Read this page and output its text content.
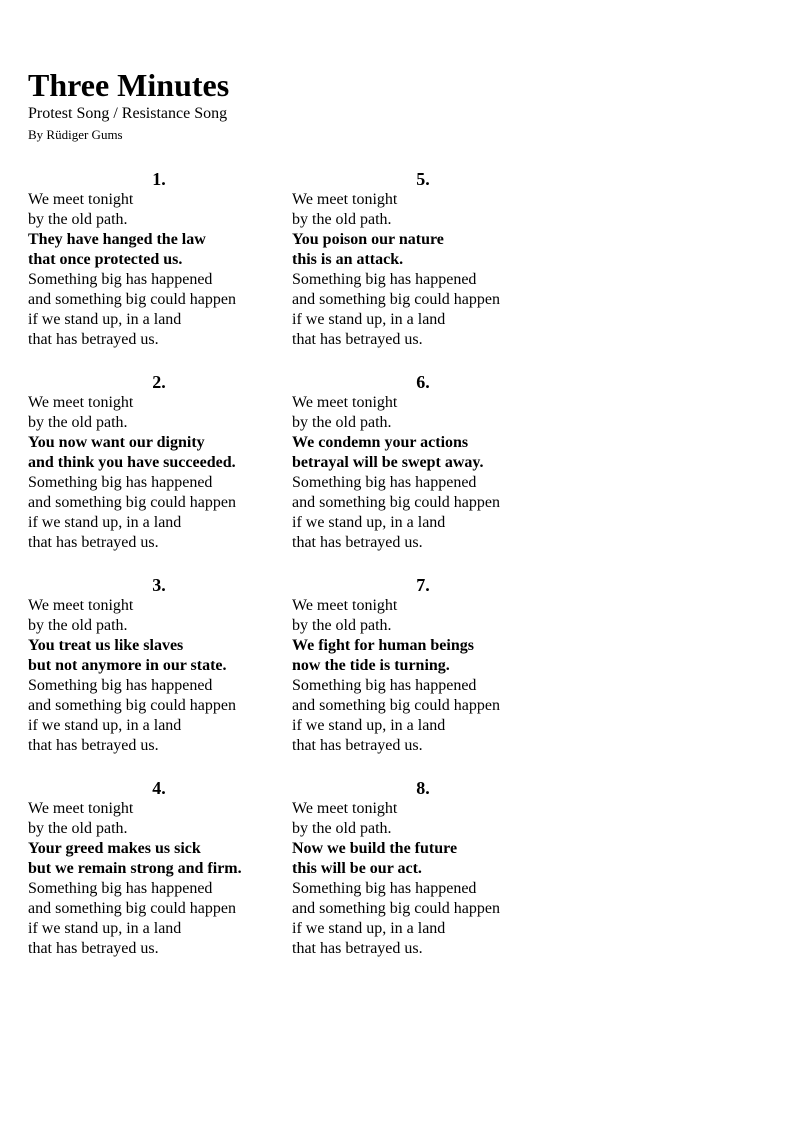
Three Minutes
Protest Song / Resistance Song
By Rüdiger Gums
1.
We meet tonight
by the old path.
They have hanged the law
that once protected us.
Something big has happened
and something big could happen
if we stand up, in a land
that has betrayed us.
2.
We meet tonight
by the old path.
You now want our dignity
and think you have succeeded.
Something big has happened
and something big could happen
if we stand up, in a land
that has betrayed us.
3.
We meet tonight
by the old path.
You treat us like slaves
but not anymore in our state.
Something big has happened
and something big could happen
if we stand up, in a land
that has betrayed us.
4.
We meet tonight
by the old path.
Your greed makes us sick
but we remain strong and firm.
Something big has happened
and something big could happen
if we stand up, in a land
that has betrayed us.
5.
We meet tonight
by the old path.
You poison our nature
this is an attack.
Something big has happened
and something big could happen
if we stand up, in a land
that has betrayed us.
6.
We meet tonight
by the old path.
We condemn your actions
betrayal will be swept away.
Something big has happened
and something big could happen
if we stand up, in a land
that has betrayed us.
7.
We meet tonight
by the old path.
We fight for human beings
now the tide is turning.
Something big has happened
and something big could happen
if we stand up, in a land
that has betrayed us.
8.
We meet tonight
by the old path.
Now we build the future
this will be our act.
Something big has happened
and something big could happen
if we stand up, in a land
that has betrayed us.
